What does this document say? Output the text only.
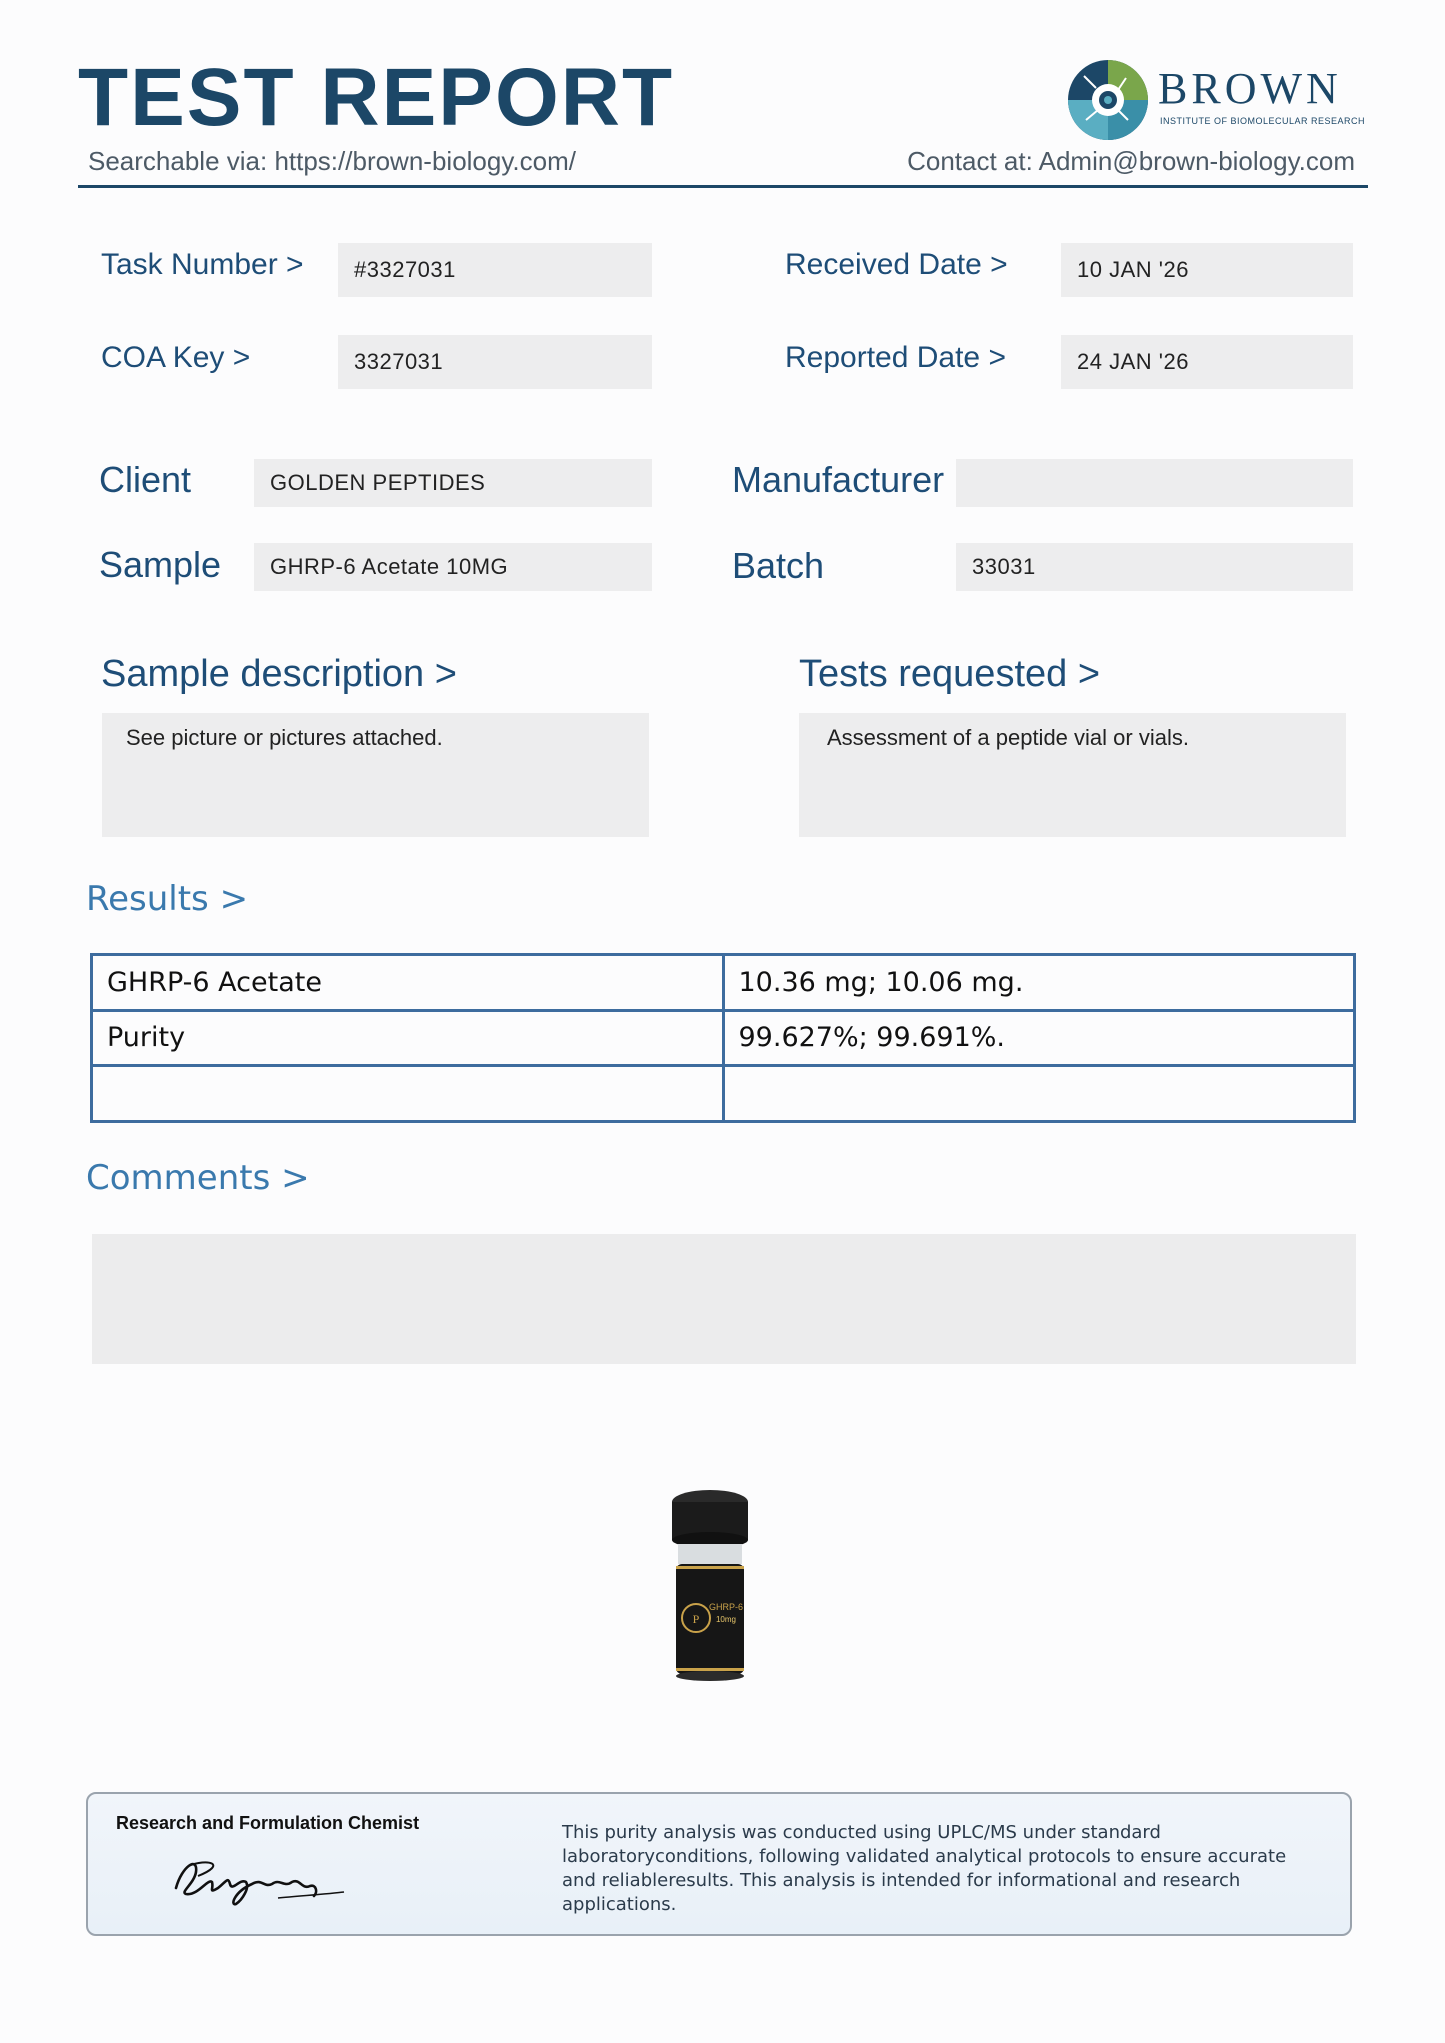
TEST REPORT
Searchable via: https://brown-biology.com/	Contact at: Admin@brown-biology.com
BROWN
INSTITUTE OF BIOMOLECULAR RESEARCH
Task Number >	#3327031
COA Key >	3327031
Received Date >	10 JAN '26
Reported Date >	24 JAN '26
Client	GOLDEN PEPTIDES
Sample	GHRP-6 Acetate 10MG
Manufacturer
Batch	33031
Sample description >
See picture or pictures attached.
Tests requested >
Assessment of a peptide vial or vials.
Results >
GHRP-6 Acetate	10.36 mg; 10.06 mg.
Purity	99.627%; 99.691%.

Comments >
P
GHRP-6
10mg
Research and Formulation Chemist	This purity analysis was conducted using UPLC/MS under standard laboratoryconditions, following validated analytical protocols to ensure accurate and reliableresults. This analysis is intended for informational and research applications.
